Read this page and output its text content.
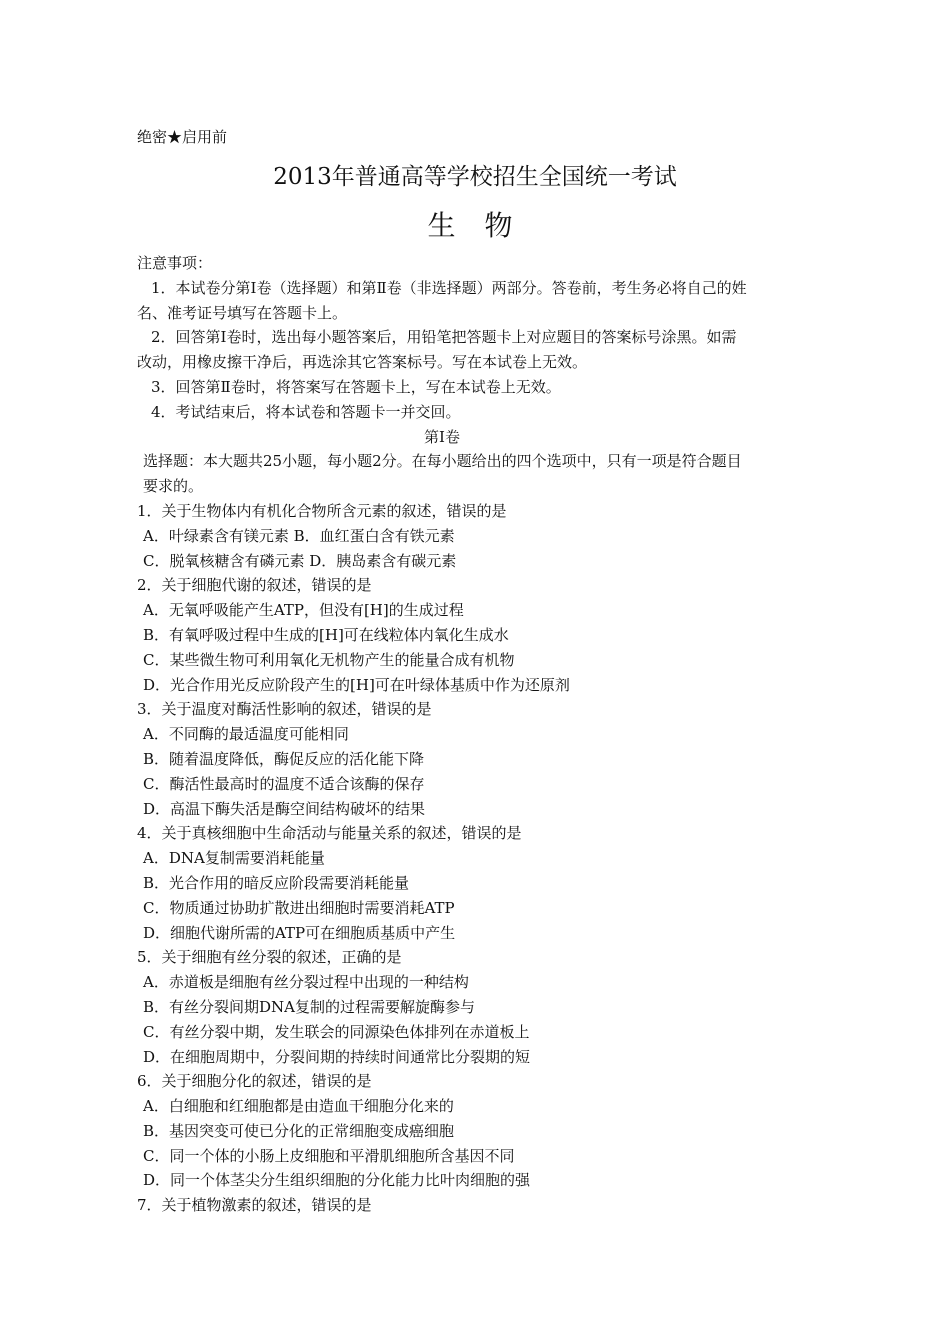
绝密★启用前
2013年普通高等学校招生全国统一考试
生 物

注意事项：

1．本试卷分第Ⅰ卷（选择题）和第Ⅱ卷（非选择题）两部分。答卷前，考生务必将自己的姓名、准考证号填写在答题卡上。

2．回答第Ⅰ卷时，选出每小题答案后，用铅笔把答题卡上对应题目的答案标号涂黑。如需改动，用橡皮擦干净后，再选涂其它答案标号。写在本试卷上无效。

3．回答第Ⅱ卷时，将答案写在答题卡上，写在本试卷上无效。

4．考试结束后，将本试卷和答题卡一并交回。

第Ⅰ卷

选择题：本大题共25小题，每小题2分。在每小题给出的四个选项中，只有一项是符合题目要求的。

1．关于生物体内有机化合物所含元素的叙述，错误的是

A．叶绿素含有镁元素 B．血红蛋白含有铁元素

C．脱氧核糖含有磷元素 D．胰岛素含有碳元素

2．关于细胞代谢的叙述，错误的是

A．无氧呼吸能产生ATP，但没有[H]的生成过程

B．有氧呼吸过程中生成的[H]可在线粒体内氧化生成水

C．某些微生物可利用氧化无机物产生的能量合成有机物

D．光合作用光反应阶段产生的[H]可在叶绿体基质中作为还原剂

3．关于温度对酶活性影响的叙述，错误的是

A．不同酶的最适温度可能相同

B．随着温度降低，酶促反应的活化能下降

C．酶活性最高时的温度不适合该酶的保存

D．高温下酶失活是酶空间结构破坏的结果

4．关于真核细胞中生命活动与能量关系的叙述，错误的是

A．DNA复制需要消耗能量

B．光合作用的暗反应阶段需要消耗能量

C．物质通过协助扩散进出细胞时需要消耗ATP

D．细胞代谢所需的ATP可在细胞质基质中产生

5．关于细胞有丝分裂的叙述，正确的是

A．赤道板是细胞有丝分裂过程中出现的一种结构

B．有丝分裂间期DNA复制的过程需要解旋酶参与

C．有丝分裂中期，发生联会的同源染色体排列在赤道板上

D．在细胞周期中，分裂间期的持续时间通常比分裂期的短

6．关于细胞分化的叙述，错误的是

A．白细胞和红细胞都是由造血干细胞分化来的

B．基因突变可使已分化的正常细胞变成癌细胞

C．同一个体的小肠上皮细胞和平滑肌细胞所含基因不同

D．同一个体茎尖分生组织细胞的分化能力比叶肉细胞的强

7．关于植物激素的叙述，错误的是
